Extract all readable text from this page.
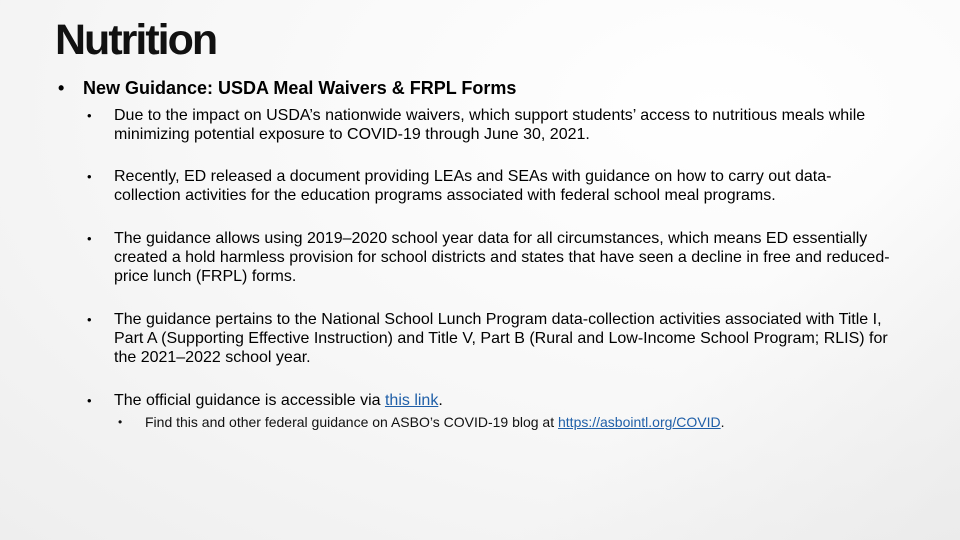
Nutrition
• New Guidance: USDA Meal Waivers & FRPL Forms
• Due to the impact on USDA’s nationwide waivers, which support students’ access to nutritious meals while minimizing potential exposure to COVID-19 through June 30, 2021.
• Recently, ED released a document providing LEAs and SEAs with guidance on how to carry out data-collection activities for the education programs associated with federal school meal programs.
• The guidance allows using 2019–2020 school year data for all circumstances, which means ED essentially created a hold harmless provision for school districts and states that have seen a decline in free and reduced-price lunch (FRPL) forms.
• The guidance pertains to the National School Lunch Program data-collection activities associated with Title I, Part A (Supporting Effective Instruction) and Title V, Part B (Rural and Low-Income School Program; RLIS) for the 2021–2022 school year.
• The official guidance is accessible via this link.
• Find this and other federal guidance on ASBO’s COVID-19 blog at https://asbointl.org/COVID.
